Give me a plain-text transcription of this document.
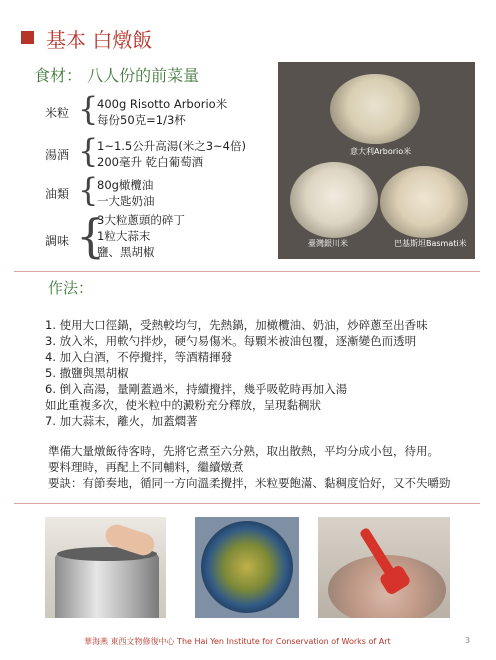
基本 白燉飯
食材： 八人份的前菜量
米粒 {
400g Risotto Arborio米
每份50克=1/3杯
湯酒 {
1~1.5公升高湯(米之3~4倍)
200毫升 乾白葡萄酒
油類 {
80g橄欖油
一大匙奶油
調味 {
3大粒蔥頭的碎丁
1粒大蒜末
鹽、黑胡椒
意大利Arborio米
臺灣銀川米	巴基斯坦Basmati米
作法：
1. 使用大口徑鍋，受熱較均勻，先熱鍋，加橄欖油、奶油，炒碎蔥至出香味
3. 放入米，用軟勺拌炒，硬勺易傷米。每顆米被油包覆，逐漸變色而透明
4. 加入白酒，不停攪拌，等酒精揮發
5. 撒鹽與黑胡椒
6. 倒入高湯，量剛蓋過米，持續攪拌，幾乎吸乾時再加入湯
如此重複多次，使米粒中的澱粉充分釋放，呈現黏稠狀
7. 加大蒜末，離火，加蓋燜著
準備大量燉飯待客時，先將它煮至六分熟，取出散熱，平均分成小包，待用。
要料理時，再配上不同輔料，繼續燉煮
要訣：有節奏地，循同一方向溫柔攪拌，米粒要飽滿、黏稠度恰好，又不失嚼勁
華海燕 東西文物修復中心 The Hai Yen Institute for Conservation of Works of Art	3
